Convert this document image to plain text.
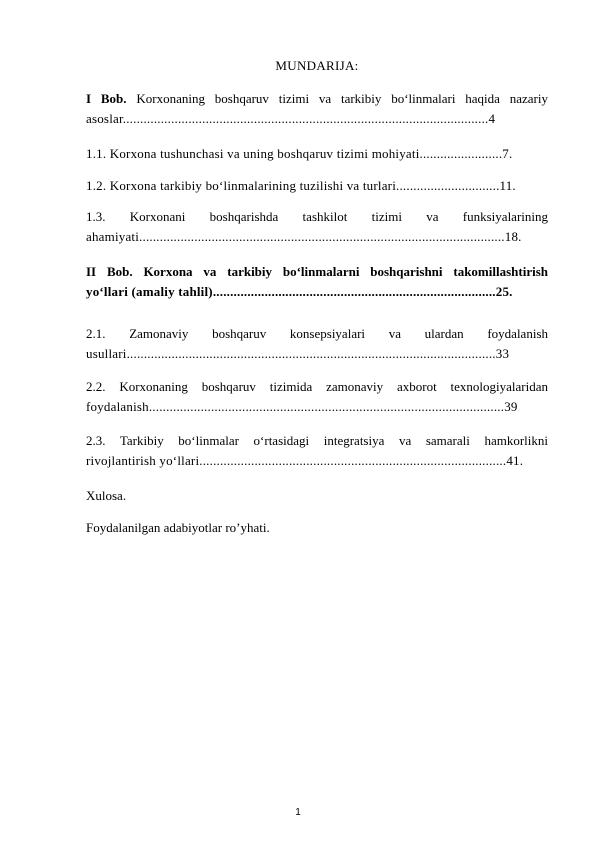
MUNDARIJA:
I Bob. Korxonaning boshqaruv tizimi va tarkibiy bo‘linmalari haqida nazariy
asoslar..........................................................................................................4
1.1. Korxona tushunchasi va uning boshqaruv tizimi mohiyati........................7.
1.2. Korxona tarkibiy bo‘linmalarining tuzilishi va turlari..............................11.
1.3. Korxonani boshqarishda tashkilot tizimi va funksiyalarining
ahamiyati..........................................................................................................18.
II Bob. Korxona va tarkibiy bo‘linmalarni boshqarishni takomillashtirish
yo‘llari (amaliy tahlil)..................................................................................25.
2.1. Zamonaviy boshqaruv konsepsiyalari va ulardan foydalanish
usullari...........................................................................................................33
2.2. Korxonaning boshqaruv tizimida zamonaviy axborot texnologiyalaridan
foydalanish.......................................................................................................39
2.3. Tarkibiy bo‘linmalar o‘rtasidagi integratsiya va samarali hamkorlikni
rivojlantirish yo‘llari.........................................................................................41.
Xulosa.
Foydalanilgan adabiyotlar ro’yhati.
1
